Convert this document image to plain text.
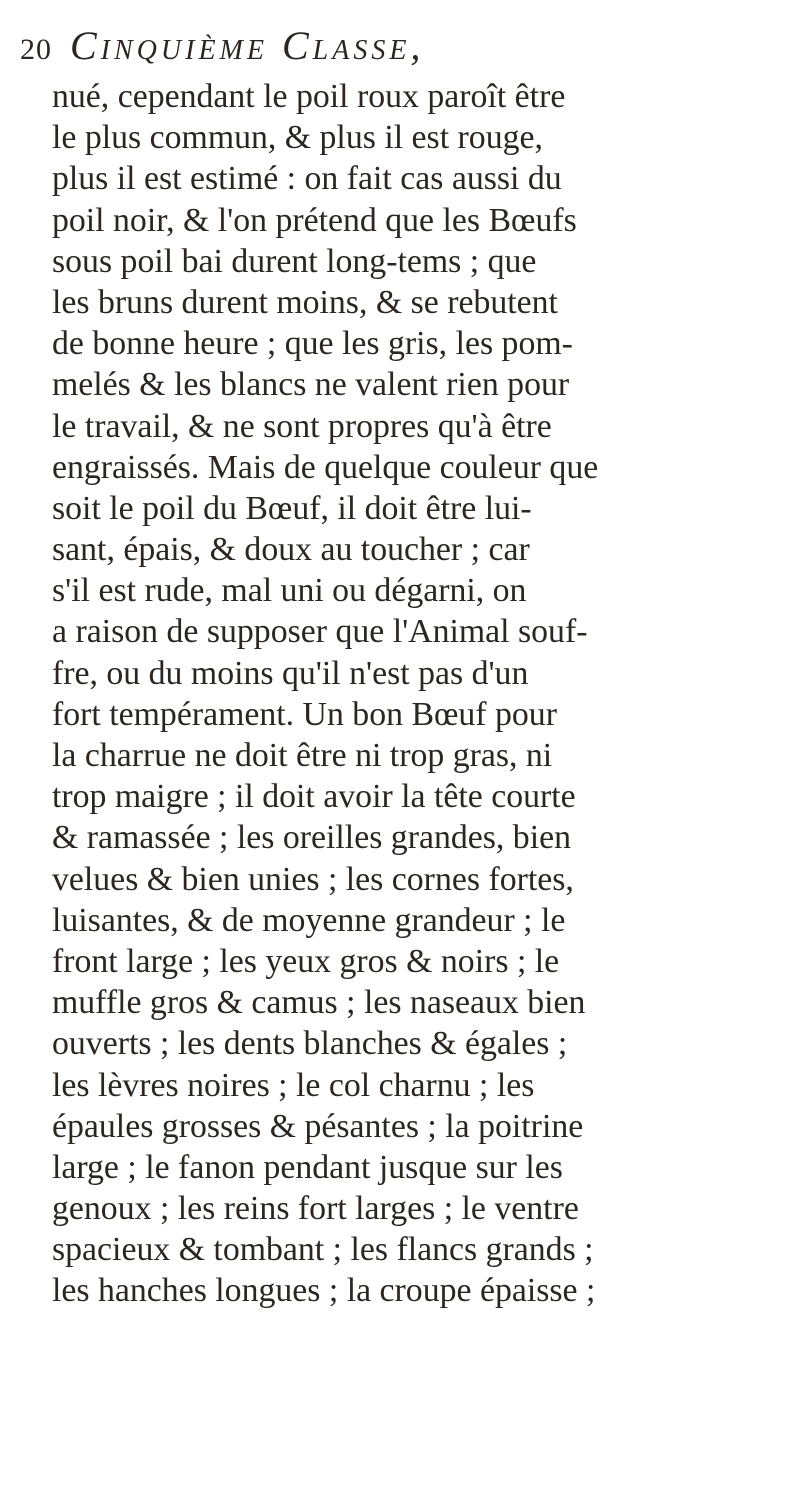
20 Cinquième Classe,
nué, cependant le poil roux paroît être
le plus commun, & plus il est rouge,
plus il est estimé : on fait cas aussi du
poil noir, & l'on prétend que les Bœufs
sous poil bai durent long-tems ; que
les bruns durent moins, & se rebutent
de bonne heure ; que les gris, les pom-
melés & les blancs ne valent rien pour
le travail, & ne sont propres qu'à être
engraissés. Mais de quelque couleur que
soit le poil du Bœuf, il doit être lui-
sant, épais, & doux au toucher ; car
s'il est rude, mal uni ou dégarni, on
a raison de supposer que l'Animal souf-
fre, ou du moins qu'il n'est pas d'un
fort tempérament. Un bon Bœuf pour
la charrue ne doit être ni trop gras, ni
trop maigre ; il doit avoir la tête courte
& ramassée ; les oreilles grandes, bien
velues & bien unies ; les cornes fortes,
luisantes, & de moyenne grandeur ; le
front large ; les yeux gros & noirs ; le
muffle gros & camus ; les naseaux bien
ouverts ; les dents blanches & égales ;
les lèvres noires ; le col charnu ; les
épaules grosses & pésantes ; la poitrine
large ; le fanon pendant jusque sur les
genoux ; les reins fort larges ; le ventre
spacieux & tombant ; les flancs grands ;
les hanches longues ; la croupe épaisse ;
